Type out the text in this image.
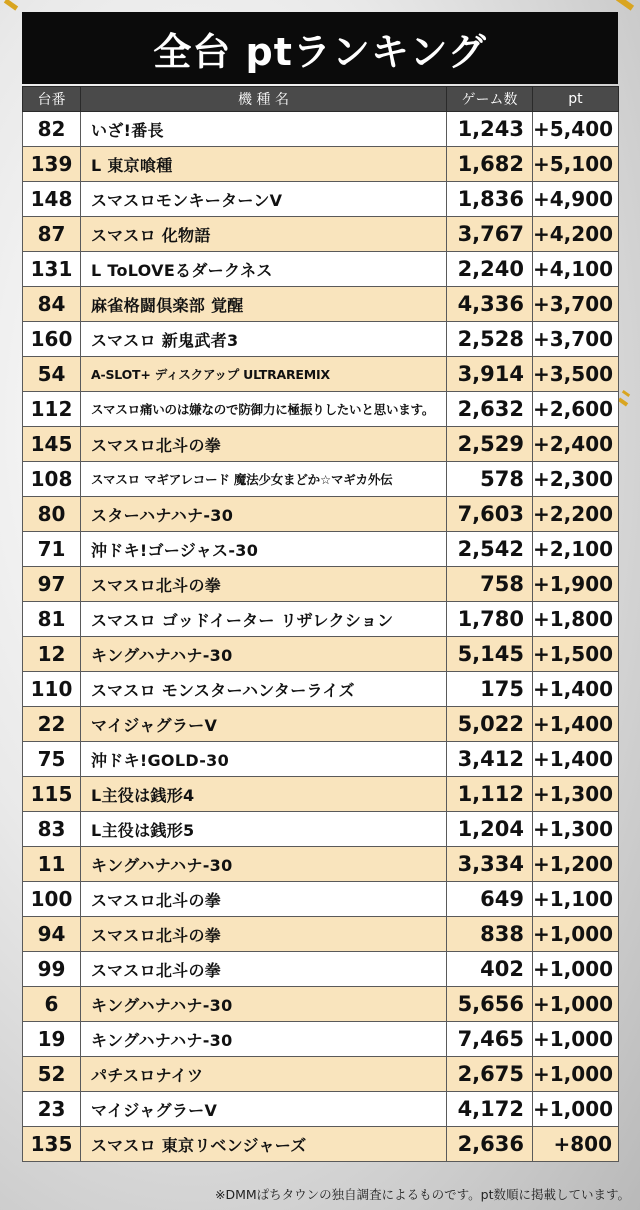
全台 ptランキング
台番	機 種 名	ゲーム数	pt
82	いざ!番長	1,243	+5,400
139	L 東京喰種	1,682	+5,100
148	スマスロモンキーターンV	1,836	+4,900
87	スマスロ 化物語	3,767	+4,200
131	L ToLOVEるダークネス	2,240	+4,100
84	麻雀格闘倶楽部 覚醒	4,336	+3,700
160	スマスロ 新鬼武者3	2,528	+3,700
54	A-SLOT+ ディスクアップ ULTRAREMIX	3,914	+3,500
112	スマスロ痛いのは嫌なので防御力に極振りしたいと思います。	2,632	+2,600
145	スマスロ北斗の拳	2,529	+2,400
108	スマスロ マギアレコード 魔法少女まどか☆マギカ外伝	578	+2,300
80	スターハナハナ-30	7,603	+2,200
71	沖ドキ!ゴージャス-30	2,542	+2,100
97	スマスロ北斗の拳	758	+1,900
81	スマスロ ゴッドイーター リザレクション	1,780	+1,800
12	キングハナハナ-30	5,145	+1,500
110	スマスロ モンスターハンターライズ	175	+1,400
22	マイジャグラーV	5,022	+1,400
75	沖ドキ!GOLD-30	3,412	+1,400
115	L主役は銭形4	1,112	+1,300
83	L主役は銭形5	1,204	+1,300
11	キングハナハナ-30	3,334	+1,200
100	スマスロ北斗の拳	649	+1,100
94	スマスロ北斗の拳	838	+1,000
99	スマスロ北斗の拳	402	+1,000
6	キングハナハナ-30	5,656	+1,000
19	キングハナハナ-30	7,465	+1,000
52	パチスロナイツ	2,675	+1,000
23	マイジャグラーV	4,172	+1,000
135	スマスロ 東京リベンジャーズ	2,636	+800
※DMMぱちタウンの独自調査によるものです。pt数順に掲載しています。
